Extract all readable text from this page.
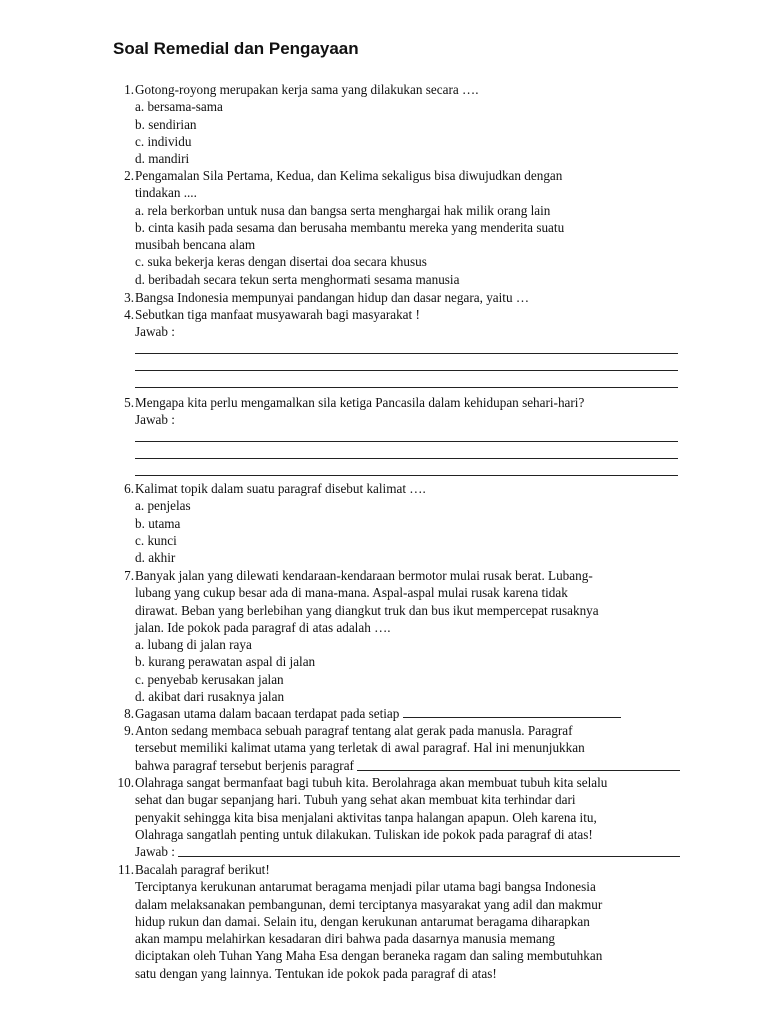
Soal Remedial dan Pengayaan
1. Gotong-royong merupakan kerja sama yang dilakukan secara ….
a. bersama-sama
b. sendirian
c. individu
d. mandiri
2. Pengamalan Sila Pertama, Kedua, dan Kelima sekaligus bisa diwujudkan dengan
tindakan ....
a. rela berkorban untuk nusa dan bangsa serta menghargai hak milik orang lain
b. cinta kasih pada sesama dan berusaha membantu mereka yang menderita suatu
musibah bencana alam
c. suka bekerja keras dengan disertai doa secara khusus
d. beribadah secara tekun serta menghormati sesama manusia
3. Bangsa Indonesia mempunyai pandangan hidup dan dasar negara, yaitu …
4. Sebutkan tiga manfaat musyawarah bagi masyarakat !
Jawab :
5. Mengapa kita perlu mengamalkan sila ketiga Pancasila dalam kehidupan sehari-hari?
Jawab :
6. Kalimat topik dalam suatu paragraf disebut kalimat ….
a. penjelas
b. utama
c. kunci
d. akhir
7. Banyak jalan yang dilewati kendaraan-kendaraan bermotor mulai rusak berat. Lubang-
lubang yang cukup besar ada di mana-mana. Aspal-aspal mulai rusak karena tidak
dirawat. Beban yang berlebihan yang diangkut truk dan bus ikut mempercepat rusaknya
jalan. Ide pokok pada paragraf di atas adalah ….
a. lubang di jalan raya
b. kurang perawatan aspal di jalan
c. penyebab kerusakan jalan
d. akibat dari rusaknya jalan
8. Gagasan utama dalam bacaan terdapat pada setiap
9. Anton sedang membaca sebuah paragraf tentang alat gerak pada manusla. Paragraf
tersebut memiliki kalimat utama yang terletak di awal paragraf. Hal ini menunjukkan
bahwa paragraf tersebut berjenis paragraf
10. Olahraga sangat bermanfaat bagi tubuh kita. Berolahraga akan membuat tubuh kita selalu
sehat dan bugar sepanjang hari. Tubuh yang sehat akan membuat kita terhindar dari
penyakit sehingga kita bisa menjalani aktivitas tanpa halangan apapun. Oleh karena itu,
Olahraga sangatlah penting untuk dilakukan. Tuliskan ide pokok pada paragraf di atas!
Jawab :
11. Bacalah paragraf berikut!
Terciptanya kerukunan antarumat beragama menjadi pilar utama bagi bangsa Indonesia
dalam melaksanakan pembangunan, demi terciptanya masyarakat yang adil dan makmur
hidup rukun dan damai. Selain itu, dengan kerukunan antarumat beragama diharapkan
akan mampu melahirkan kesadaran diri bahwa pada dasarnya manusia memang
diciptakan oleh Tuhan Yang Maha Esa dengan beraneka ragam dan saling membutuhkan
satu dengan yang lainnya. Tentukan ide pokok pada paragraf di atas!
